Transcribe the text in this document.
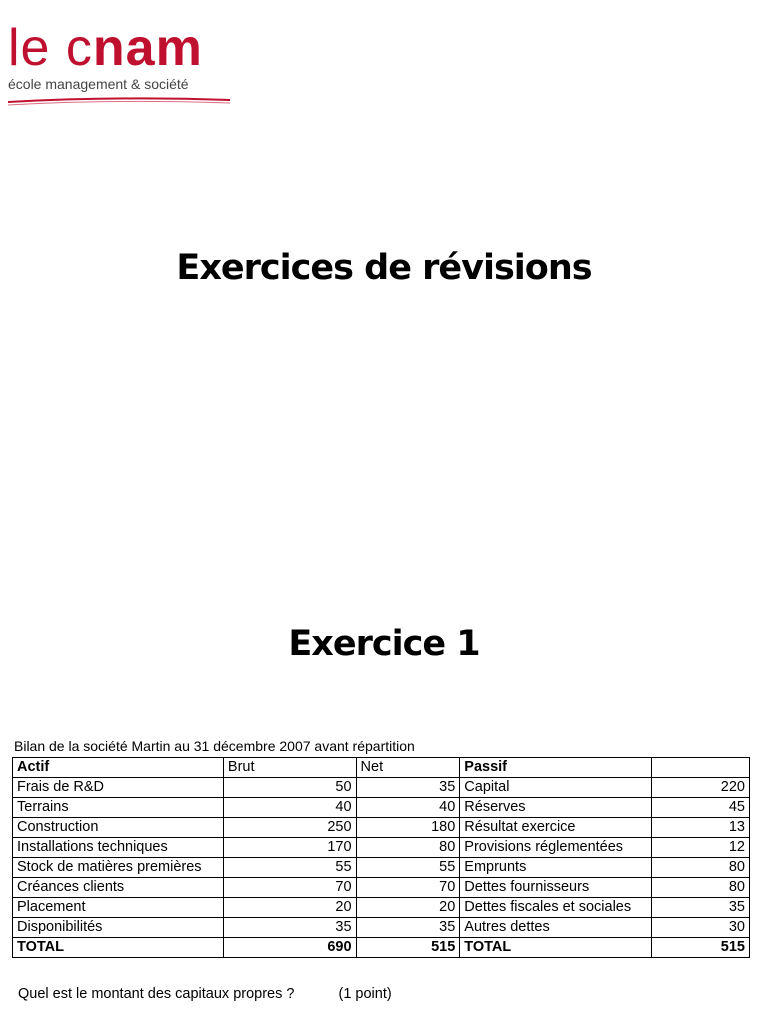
le cnam
école management & société
Exercices de révisions
Exercice 1
Bilan de la société Martin au 31 décembre 2007 avant répartition
Actif	Brut	Net	Passif	
Frais de R&D	50	35	Capital	220
Terrains	40	40	Réserves	45
Construction	250	180	Résultat exercice	13
Installations techniques	170	80	Provisions réglementées	12
Stock de matières premières	55	55	Emprunts	80
Créances clients	70	70	Dettes fournisseurs	80
Placement	20	20	Dettes fiscales et sociales	35
Disponibilités	35	35	Autres dettes	30
TOTAL	690	515	TOTAL	515
Quel est le montant des capitaux propres ?	(1 point)
